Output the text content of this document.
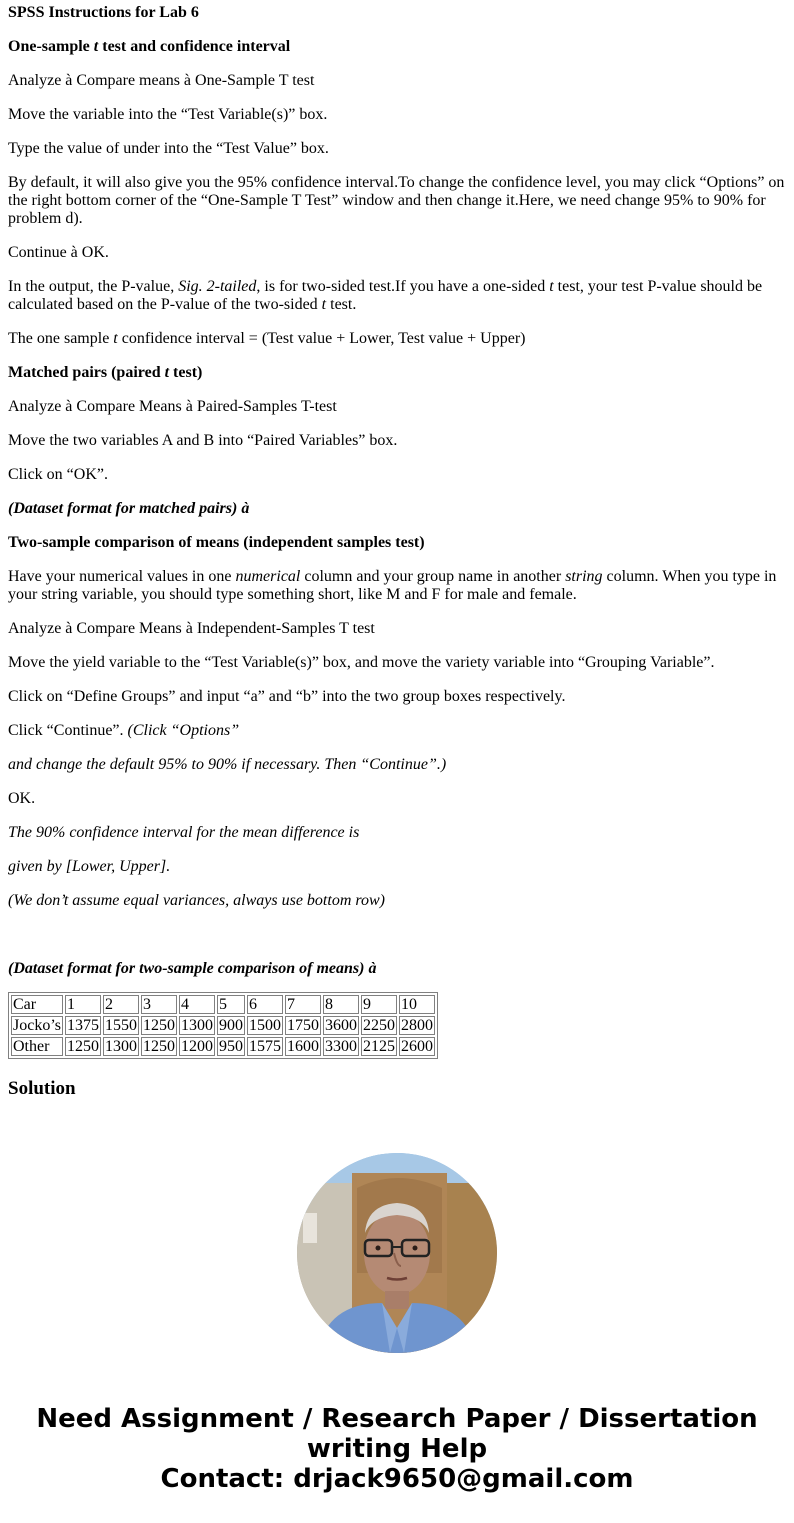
SPSS Instructions for Lab 6

One-sample t test and confidence interval

Analyze à Compare means à One-Sample T test

Move the variable into the “Test Variable(s)” box.

Type the value of under into the “Test Value” box.

By default, it will also give you the 95% confidence interval.To change the confidence level, you may click “Options” on the right bottom corner of the “One-Sample T Test” window and then change it.Here, we need change 95% to 90% for problem d).

Continue à OK.

In the output, the P-value, Sig. 2-tailed, is for two-sided test.If you have a one-sided t test, your test P-value should be calculated based on the P-value of the two-sided t test.

The one sample t confidence interval = (Test value + Lower, Test value + Upper)

Matched pairs (paired t test)

Analyze à Compare Means à Paired-Samples T-test

Move the two variables A and B into “Paired Variables” box.

Click on “OK”.

(Dataset format for matched pairs) à

Two-sample comparison of means (independent samples test)

Have your numerical values in one numerical column and your group name in another string column. When you type in your string variable, you should type something short, like M and F for male and female.

Analyze à Compare Means à Independent-Samples T test

Move the yield variable to the “Test Variable(s)” box, and move the variety variable into “Grouping Variable”.

Click on “Define Groups” and input “a” and “b” into the two group boxes respectively.

Click “Continue”. (Click “Options”

and change the default 95% to 90% if necessary. Then “Continue”.)

OK.

The 90% confidence interval for the mean difference is

given by [Lower, Upper].

(We don’t assume equal variances, always use bottom row)

(Dataset format for two-sample comparison of means) à

Car	1	2	3	4	5	6	7	8	9	10
Jocko’s	1375	1550	1250	1300	900	1500	1750	3600	2250	2800
Other	1250	1300	1250	1200	950	1575	1600	3300	2125	2600
Solution
Need Assignment / Research Paper / Dissertation
writing Help
Contact: drjack9650@gmail.com
